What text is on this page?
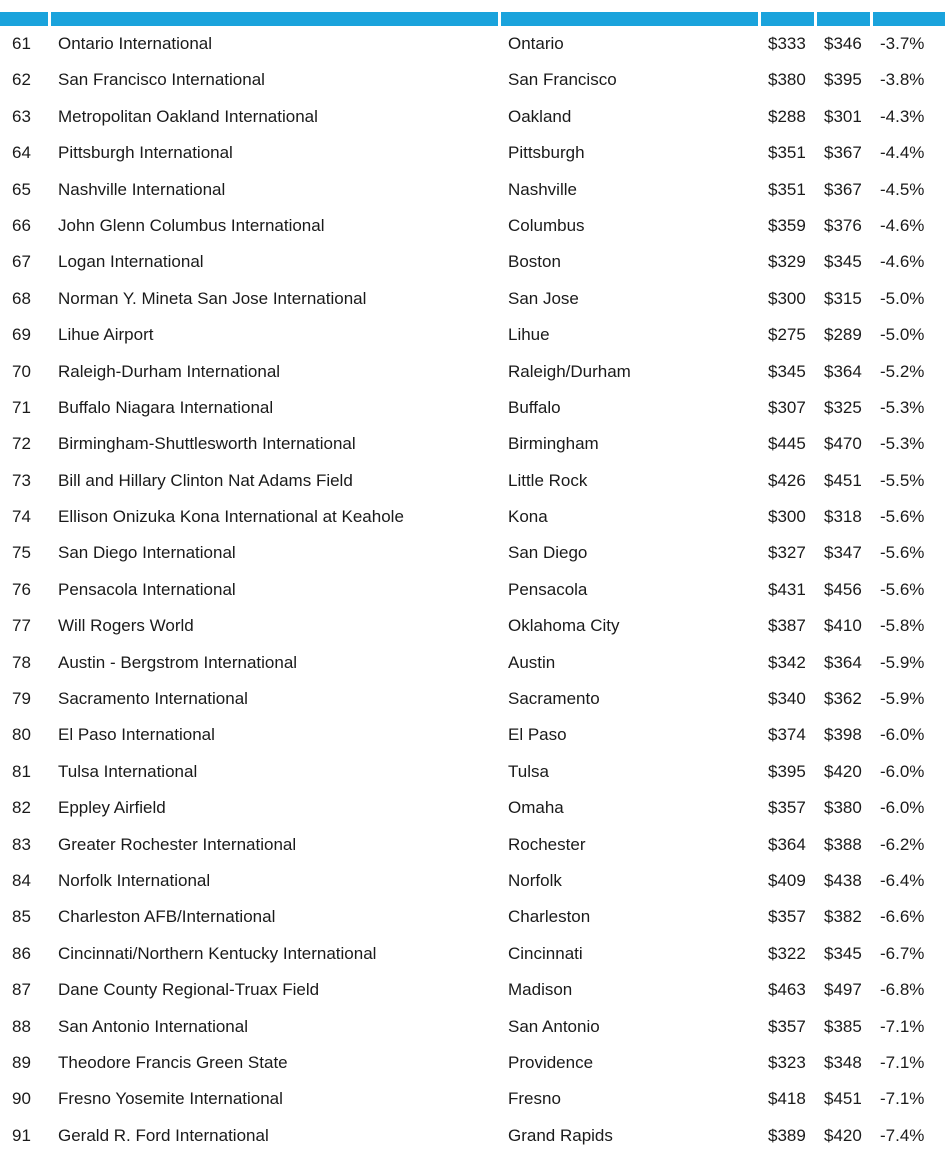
61 Ontario International	Ontario	$333 $346 -3.7%
62 San Francisco International	San Francisco	$380 $395 -3.8%
63 Metropolitan Oakland International	Oakland	$288 $301 -4.3%
64 Pittsburgh International	Pittsburgh	$351 $367 -4.4%
65 Nashville International	Nashville	$351 $367 -4.5%
66 John Glenn Columbus International	Columbus	$359 $376 -4.6%
67 Logan International	Boston	$329 $345 -4.6%
68 Norman Y. Mineta San Jose International	San Jose	$300 $315 -5.0%
69 Lihue Airport	Lihue	$275 $289 -5.0%
70 Raleigh-Durham International	Raleigh/Durham	$345 $364 -5.2%
71 Buffalo Niagara International	Buffalo	$307 $325 -5.3%
72 Birmingham-Shuttlesworth International	Birmingham	$445 $470 -5.3%
73 Bill and Hillary Clinton Nat Adams Field	Little Rock	$426 $451 -5.5%
74 Ellison Onizuka Kona International at Keahole	Kona	$300 $318 -5.6%
75 San Diego International	San Diego	$327 $347 -5.6%
76 Pensacola International	Pensacola	$431 $456 -5.6%
77 Will Rogers World	Oklahoma City	$387 $410 -5.8%
78 Austin - Bergstrom International	Austin	$342 $364 -5.9%
79 Sacramento International	Sacramento	$340 $362 -5.9%
80 El Paso International	El Paso	$374 $398 -6.0%
81 Tulsa International	Tulsa	$395 $420 -6.0%
82 Eppley Airfield	Omaha	$357 $380 -6.0%
83 Greater Rochester International	Rochester	$364 $388 -6.2%
84 Norfolk International	Norfolk	$409 $438 -6.4%
85 Charleston AFB/International	Charleston	$357 $382 -6.6%
86 Cincinnati/Northern Kentucky International	Cincinnati	$322 $345 -6.7%
87 Dane County Regional-Truax Field	Madison	$463 $497 -6.8%
88 San Antonio International	San Antonio	$357 $385 -7.1%
89 Theodore Francis Green State	Providence	$323 $348 -7.1%
90 Fresno Yosemite International	Fresno	$418 $451 -7.1%
91 Gerald R. Ford International	Grand Rapids	$389 $420 -7.4%
